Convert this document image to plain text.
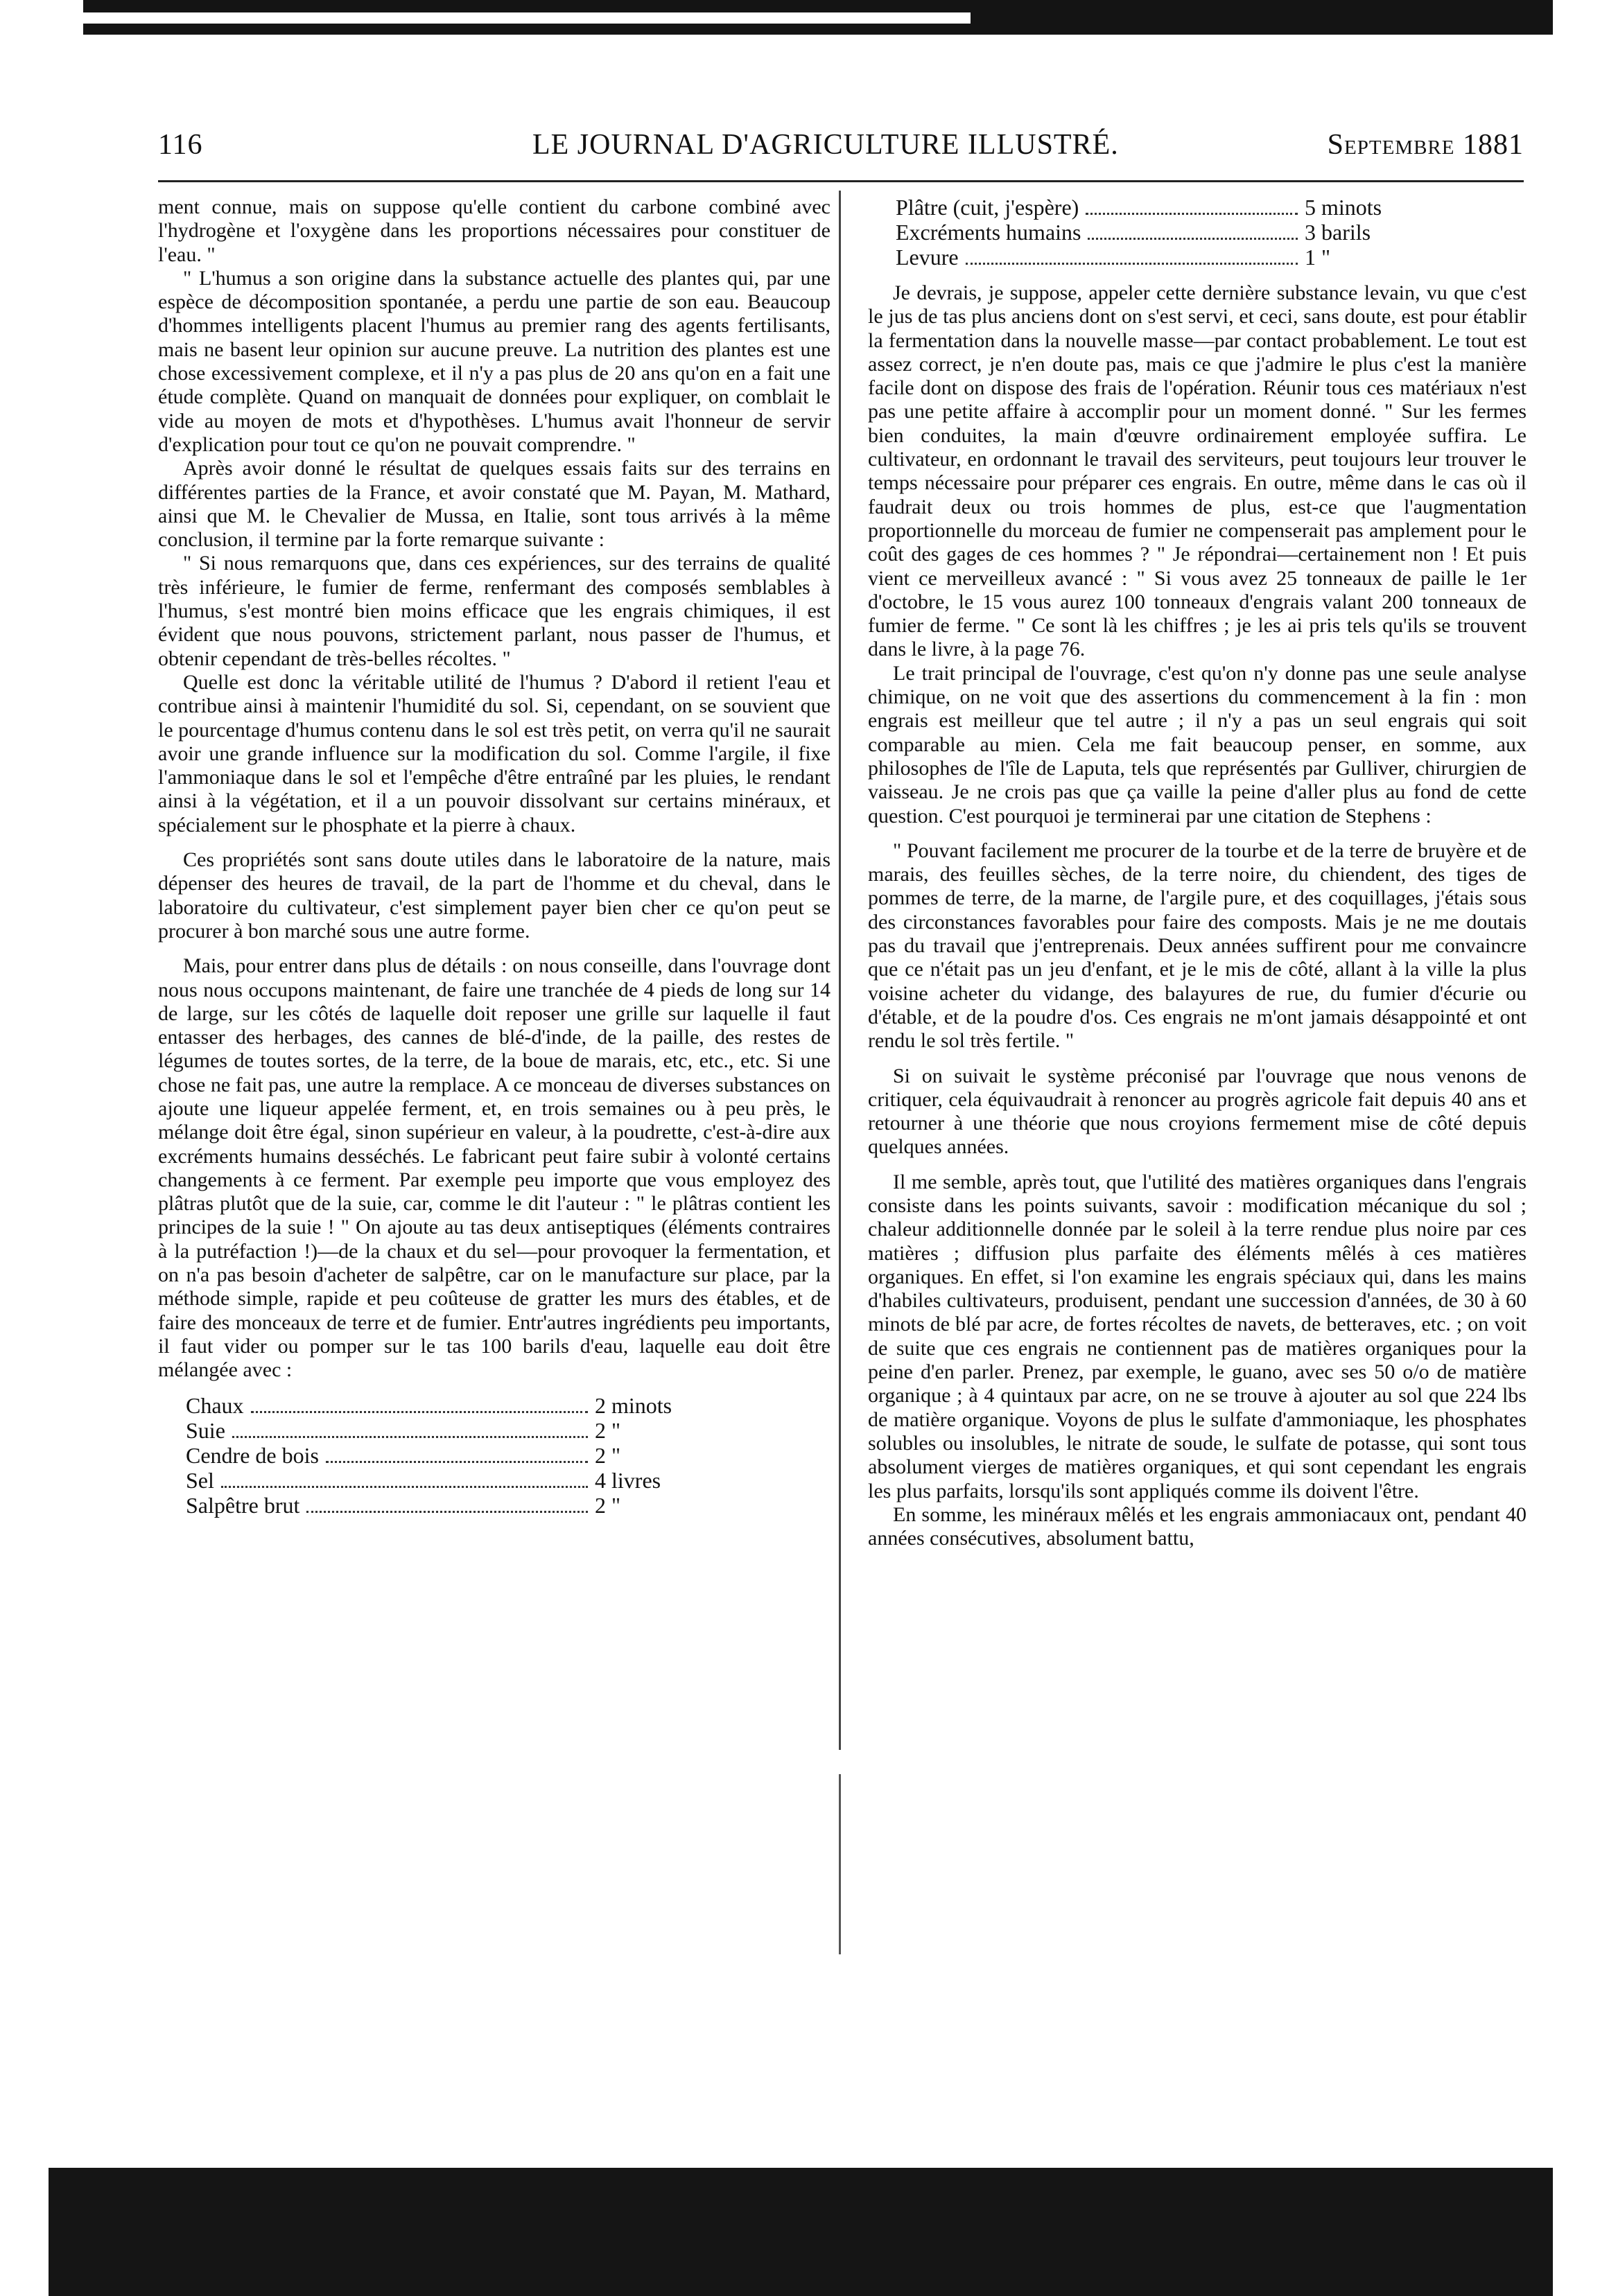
116	LE JOURNAL D'AGRICULTURE ILLUSTRÉ.	Septembre 1881

ment connue, mais on suppose qu'elle contient du carbone combiné avec l'hydrogène et l'oxygène dans les proportions nécessaires pour constituer de l'eau. "

" L'humus a son origine dans la substance actuelle des plantes qui, par une espèce de décomposition spontanée, a perdu une partie de son eau. Beaucoup d'hommes intelligents placent l'humus au premier rang des agents fertilisants, mais ne basent leur opinion sur aucune preuve. La nutrition des plantes est une chose excessivement complexe, et il n'y a pas plus de 20 ans qu'on en a fait une étude complète. Quand on manquait de données pour expliquer, on comblait le vide au moyen de mots et d'hypothèses. L'humus avait l'honneur de servir d'explication pour tout ce qu'on ne pouvait comprendre. "

Après avoir donné le résultat de quelques essais faits sur des terrains en différentes parties de la France, et avoir constaté que M. Payan, M. Mathard, ainsi que M. le Chevalier de Mussa, en Italie, sont tous arrivés à la même conclusion, il termine par la forte remarque suivante :

" Si nous remarquons que, dans ces expériences, sur des terrains de qualité très inférieure, le fumier de ferme, renfermant des composés semblables à l'humus, s'est montré bien moins efficace que les engrais chimiques, il est évident que nous pouvons, strictement parlant, nous passer de l'humus, et obtenir cependant de très-belles récoltes. "

Quelle est donc la véritable utilité de l'humus ? D'abord il retient l'eau et contribue ainsi à maintenir l'humidité du sol. Si, cependant, on se souvient que le pourcentage d'humus contenu dans le sol est très petit, on verra qu'il ne saurait avoir une grande influence sur la modification du sol. Comme l'argile, il fixe l'ammoniaque dans le sol et l'empêche d'être entraîné par les pluies, le rendant ainsi à la végétation, et il a un pouvoir dissolvant sur certains minéraux, et spécialement sur le phosphate et la pierre à chaux.

Ces propriétés sont sans doute utiles dans le laboratoire de la nature, mais dépenser des heures de travail, de la part de l'homme et du cheval, dans le laboratoire du cultivateur, c'est simplement payer bien cher ce qu'on peut se procurer à bon marché sous une autre forme.

Mais, pour entrer dans plus de détails : on nous conseille, dans l'ouvrage dont nous nous occupons maintenant, de faire une tranchée de 4 pieds de long sur 14 de large, sur les côtés de laquelle doit reposer une grille sur laquelle il faut entasser des herbages, des cannes de blé-d'inde, de la paille, des restes de légumes de toutes sortes, de la terre, de la boue de marais, etc, etc., etc. Si une chose ne fait pas, une autre la remplace. A ce monceau de diverses substances on ajoute une liqueur appelée ferment, et, en trois semaines ou à peu près, le mélange doit être égal, sinon supérieur en valeur, à la poudrette, c'est-à-dire aux excréments humains desséchés. Le fabricant peut faire subir à volonté certains changements à ce ferment. Par exemple peu importe que vous employez des plâtras plutôt que de la suie, car, comme le dit l'auteur : " le plâtras contient les principes de la suie ! " On ajoute au tas deux antiseptiques (éléments contraires à la putréfaction !)—de la chaux et du sel—pour provoquer la fermentation, et on n'a pas besoin d'acheter de salpêtre, car on le manufacture sur place, par la méthode simple, rapide et peu coûteuse de gratter les murs des étables, et de faire des monceaux de terre et de fumier. Entr'autres ingrédients peu importants, il faut vider ou pomper sur le tas 100 barils d'eau, laquelle eau doit être mélangée avec :

Chaux	2 minots
Suie	2 "
Cendre de bois	2 "
Sel	4 livres
Salpêtre brut	2 "
Plâtre (cuit, j'espère)	5 minots
Excréments humains	3 barils
Levure	1 "

Je devrais, je suppose, appeler cette dernière substance levain, vu que c'est le jus de tas plus anciens dont on s'est servi, et ceci, sans doute, est pour établir la fermentation dans la nouvelle masse—par contact probablement. Le tout est assez correct, je n'en doute pas, mais ce que j'admire le plus c'est la manière facile dont on dispose des frais de l'opération. Réunir tous ces matériaux n'est pas une petite affaire à accomplir pour un moment donné. " Sur les fermes bien conduites, la main d'œuvre ordinairement employée suffira. Le cultivateur, en ordonnant le travail des serviteurs, peut toujours leur trouver le temps nécessaire pour préparer ces engrais. En outre, même dans le cas où il faudrait deux ou trois hommes de plus, est-ce que l'augmentation proportionnelle du morceau de fumier ne compenserait pas amplement pour le coût des gages de ces hommes ? " Je répondrai—certainement non ! Et puis vient ce merveilleux avancé : " Si vous avez 25 tonneaux de paille le 1er d'octobre, le 15 vous aurez 100 tonneaux d'engrais valant 200 tonneaux de fumier de ferme. " Ce sont là les chiffres ; je les ai pris tels qu'ils se trouvent dans le livre, à la page 76.

Le trait principal de l'ouvrage, c'est qu'on n'y donne pas une seule analyse chimique, on ne voit que des assertions du commencement à la fin : mon engrais est meilleur que tel autre ; il n'y a pas un seul engrais qui soit comparable au mien. Cela me fait beaucoup penser, en somme, aux philosophes de l'île de Laputa, tels que représentés par Gulliver, chirurgien de vaisseau. Je ne crois pas que ça vaille la peine d'aller plus au fond de cette question. C'est pourquoi je terminerai par une citation de Stephens :

" Pouvant facilement me procurer de la tourbe et de la terre de bruyère et de marais, des feuilles sèches, de la terre noire, du chiendent, des tiges de pommes de terre, de la marne, de l'argile pure, et des coquillages, j'étais sous des circonstances favorables pour faire des composts. Mais je ne me doutais pas du travail que j'entreprenais. Deux années suffirent pour me convaincre que ce n'était pas un jeu d'enfant, et je le mis de côté, allant à la ville la plus voisine acheter du vidange, des balayures de rue, du fumier d'écurie ou d'étable, et de la poudre d'os. Ces engrais ne m'ont jamais désappointé et ont rendu le sol très fertile. "

Si on suivait le système préconisé par l'ouvrage que nous venons de critiquer, cela équivaudrait à renoncer au progrès agricole fait depuis 40 ans et retourner à une théorie que nous croyions fermement mise de côté depuis quelques années.

Il me semble, après tout, que l'utilité des matières organiques dans l'engrais consiste dans les points suivants, savoir : modification mécanique du sol ; chaleur additionnelle donnée par le soleil à la terre rendue plus noire par ces matières ; diffusion plus parfaite des éléments mêlés à ces matières organiques. En effet, si l'on examine les engrais spéciaux qui, dans les mains d'habiles cultivateurs, produisent, pendant une succession d'années, de 30 à 60 minots de blé par acre, de fortes récoltes de navets, de betteraves, etc. ; on voit de suite que ces engrais ne contiennent pas de matières organiques pour la peine d'en parler. Prenez, par exemple, le guano, avec ses 50 o/o de matière organique ; à 4 quintaux par acre, on ne se trouve à ajouter au sol que 224 lbs de matière organique. Voyons de plus le sulfate d'ammoniaque, les phosphates solubles ou insolubles, le nitrate de soude, le sulfate de potasse, qui sont tous absolument vierges de matières organiques, et qui sont cependant les engrais les plus parfaits, lorsqu'ils sont appliqués comme ils doivent l'être.

En somme, les minéraux mêlés et les engrais ammoniacaux ont, pendant 40 années consécutives, absolument battu,
